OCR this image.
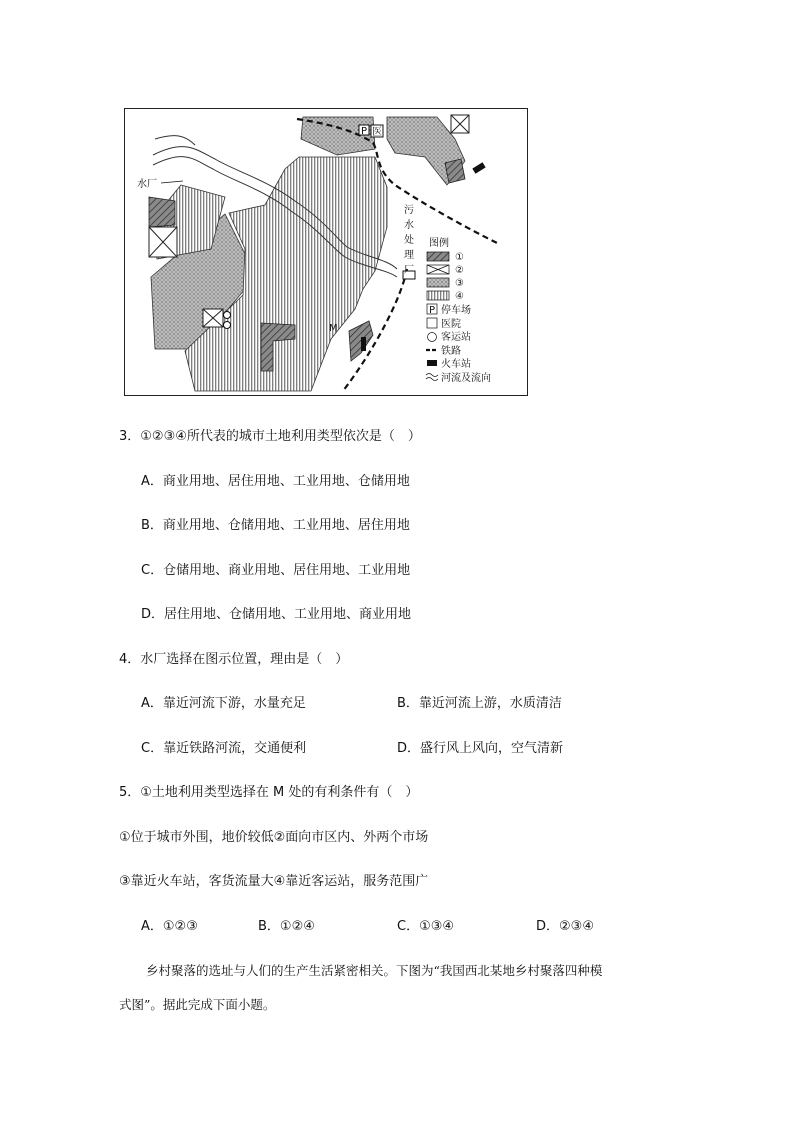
污
水
处
理
厂
水厂
P 医
M
图例
①
②
③
④
P 停车场
医院
客运站
铁路
火车站
河流及流向
3．①②③④所代表的城市土地利用类型依次是（　）
A．商业用地、居住用地、工业用地、仓储用地
B．商业用地、仓储用地、工业用地、居住用地
C．仓储用地、商业用地、居住用地、工业用地
D．居住用地、仓储用地、工业用地、商业用地
4．水厂选择在图示位置，理由是（　）
A．靠近河流下游，水量充足	B．靠近河流上游，水质清洁
C．靠近铁路河流，交通便利	D．盛行风上风向，空气清新
5．①土地利用类型选择在 M 处的有利条件有（　）
①位于城市外围，地价较低②面向市区内、外两个市场
③靠近火车站，客货流量大④靠近客运站，服务范围广
A．①②③	B．①②④	C．①③④	D．②③④
乡村聚落的选址与人们的生产生活紧密相关。下图为“我国西北某地乡村聚落四种模
式图”。据此完成下面小题。
